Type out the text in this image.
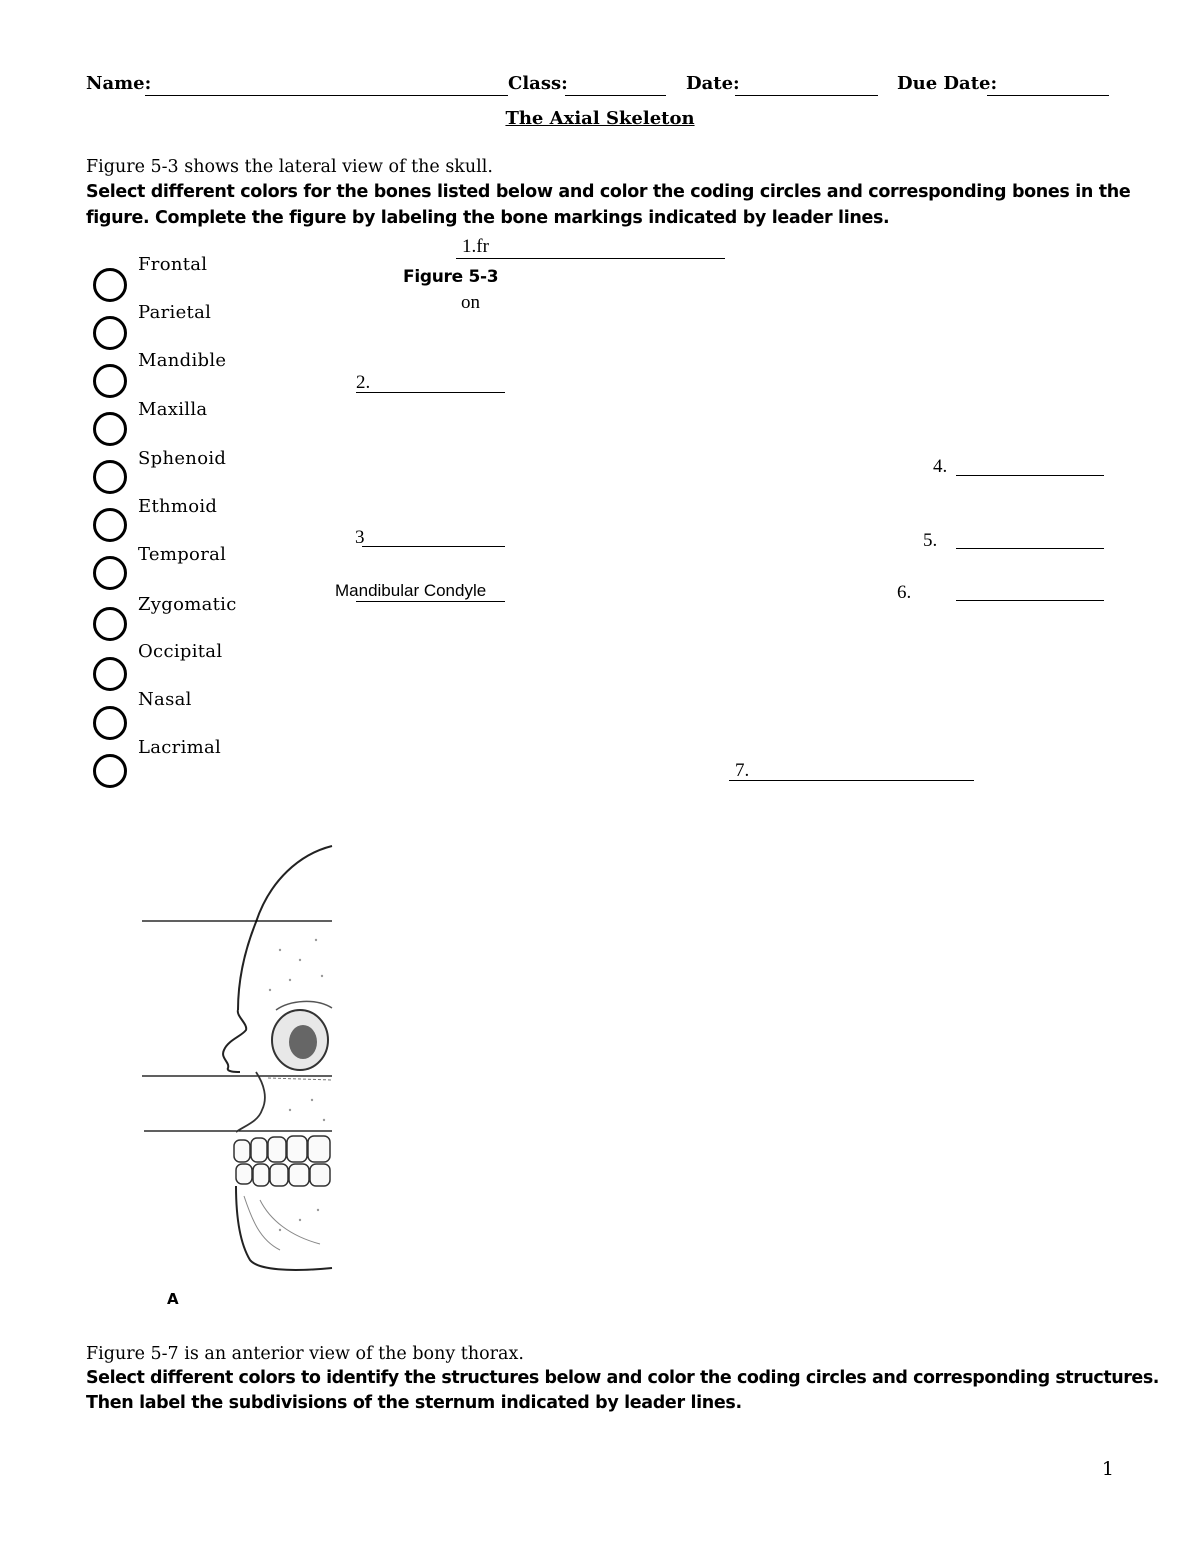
Name:	Class:	Date:	Due Date:
The Axial Skeleton
Figure 5-3 shows the lateral view of the skull.
Select different colors for the bones listed below and color the coding circles and corresponding bones in the
figure. Complete the figure by labeling the bone markings indicated by leader lines.
Frontal
Parietal
Mandible
Maxilla
Sphenoid
Ethmoid
Temporal
Zygomatic
Occipital
Nasal
Lacrimal
1.fr
Figure 5-3
on
2.
3
Mandibular Condyle
4.
5.
6.
7.
A
Figure 5-7 is an anterior view of the bony thorax.
Select different colors to identify the structures below and color the coding circles and corresponding structures.
Then label the subdivisions of the sternum indicated by leader lines.
1
